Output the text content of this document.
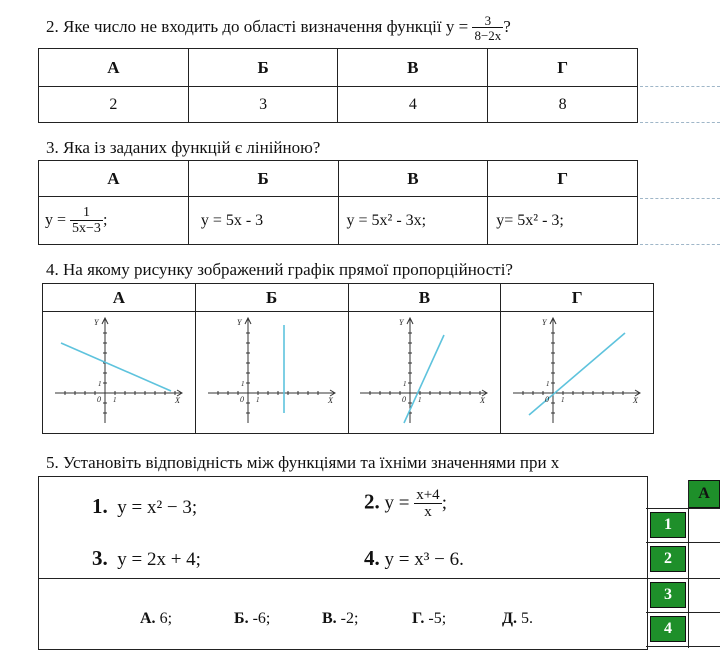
2. Яке число не входить до області визначення функції $y = \frac{3}{8-2x}$ ?
А	Б	В	Г
2	3	4	8
3. Яка із заданих функцій є лінійною?
А	Б	В	Г
$y = \frac{1}{5x-3}$ ;	y = 5x - 3	y = 5x² - 3x;	y= 5x² - 3;
4. На якому рисунку зображений графік прямої пропорційності?
А	Б	В	Г

Y
X
0
1
1	Y
X
0
1
1	Y
X
0
1
1	Y
X
0
1
1
5. Установіть відповідність між функціями та їхніми значеннями при x
1. y = x² − 3;	2. $y = \frac{x+4}{x}$ ;
3. y = 2x + 4;	4. y = x³ − 6.
А. 6;	Б. -6;	В. -2;	Г. -5;	Д. 5.
А
1
2
3
4
